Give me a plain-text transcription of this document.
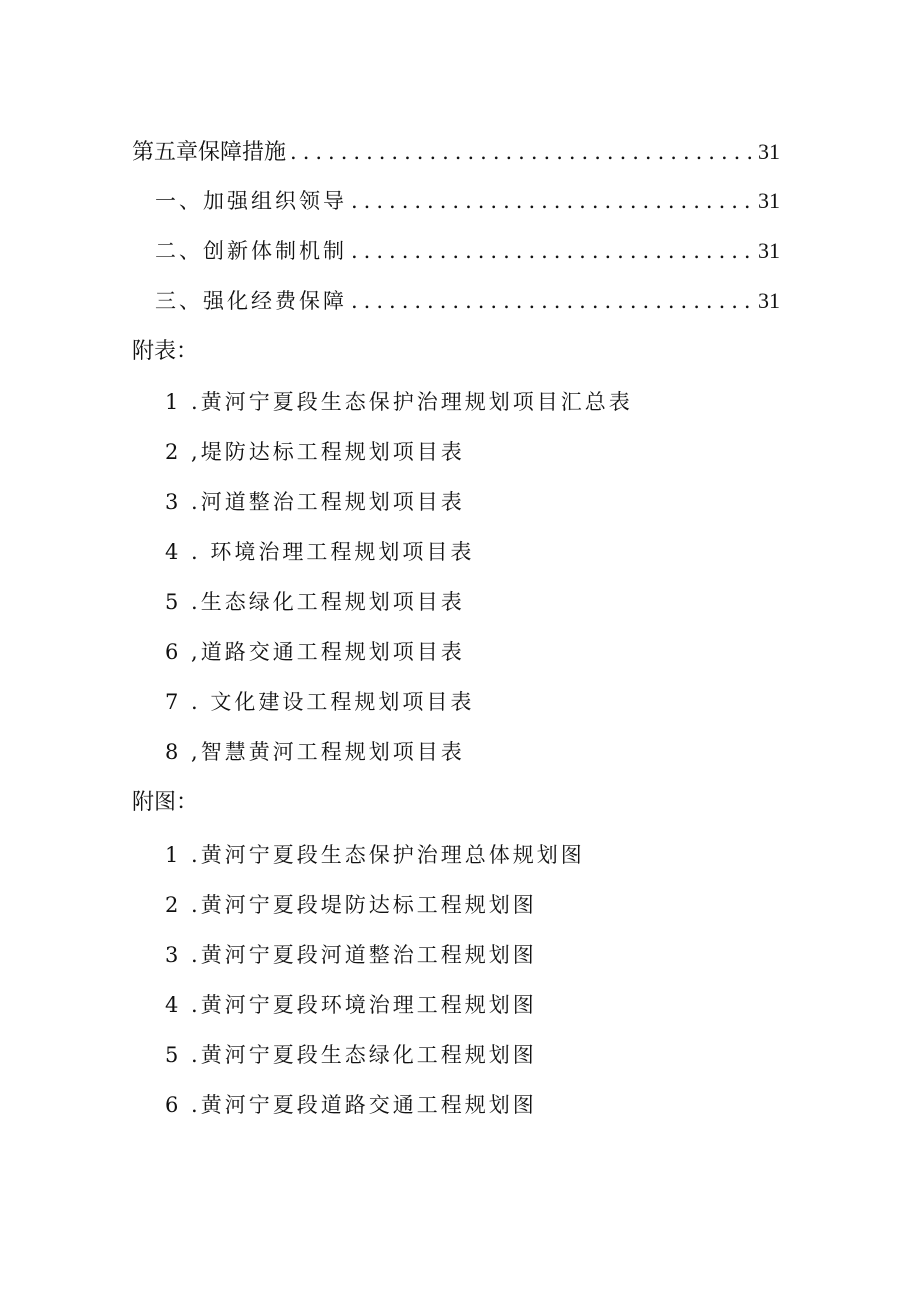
第五章保障措施 .....	31
一、加强组织领导 .....	31
二、创新体制机制 .....	31
三、强化经费保障 .....	31
附表：
1 .黄河宁夏段生态保护治理规划项目汇总表
2 ,堤防达标工程规划项目表
3 .河道整治工程规划项目表
4 . 环境治理工程规划项目表
5 .生态绿化工程规划项目表
6 ,道路交通工程规划项目表
7 . 文化建设工程规划项目表
8 ,智慧黄河工程规划项目表
附图：
1 .黄河宁夏段生态保护治理总体规划图
2 .黄河宁夏段堤防达标工程规划图
3 .黄河宁夏段河道整治工程规划图
4 .黄河宁夏段环境治理工程规划图
5 .黄河宁夏段生态绿化工程规划图
6 .黄河宁夏段道路交通工程规划图
